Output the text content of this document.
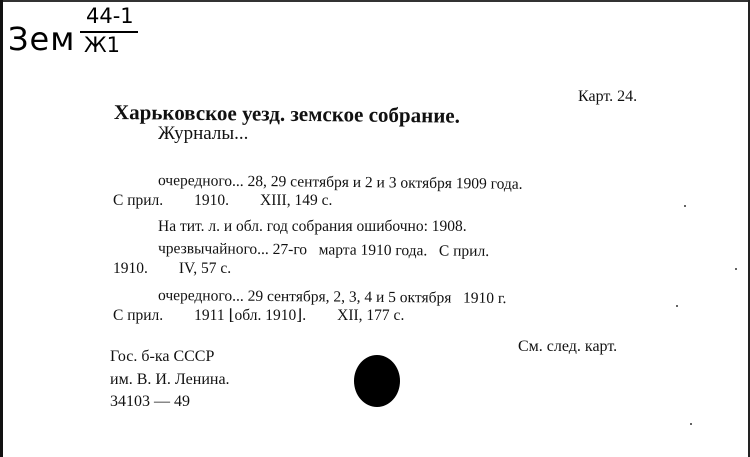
Зем
44-1
Ж1
Карт. 24.
Харьковское уезд. земское собрание.
Журналы...
очередного... 28, 29 сентября и 2 и 3 октября 1909 года.
С прил.        1910.        XIII, 149 с.
На тит. л. и обл. год собрания ошибочно: 1908.
чрезвычайного... 27-го   марта 1910 года.   С прил.
1910.        IV, 57 с.
очередного... 29 сентября, 2, 3, 4 и 5 октября   1910 г.
С прил.        1911 ⌊обл. 1910⌋.        XII, 177 с.
См. след. карт.
Гос. б-ка СССР
им. В. И. Ленина.
34103 — 49
